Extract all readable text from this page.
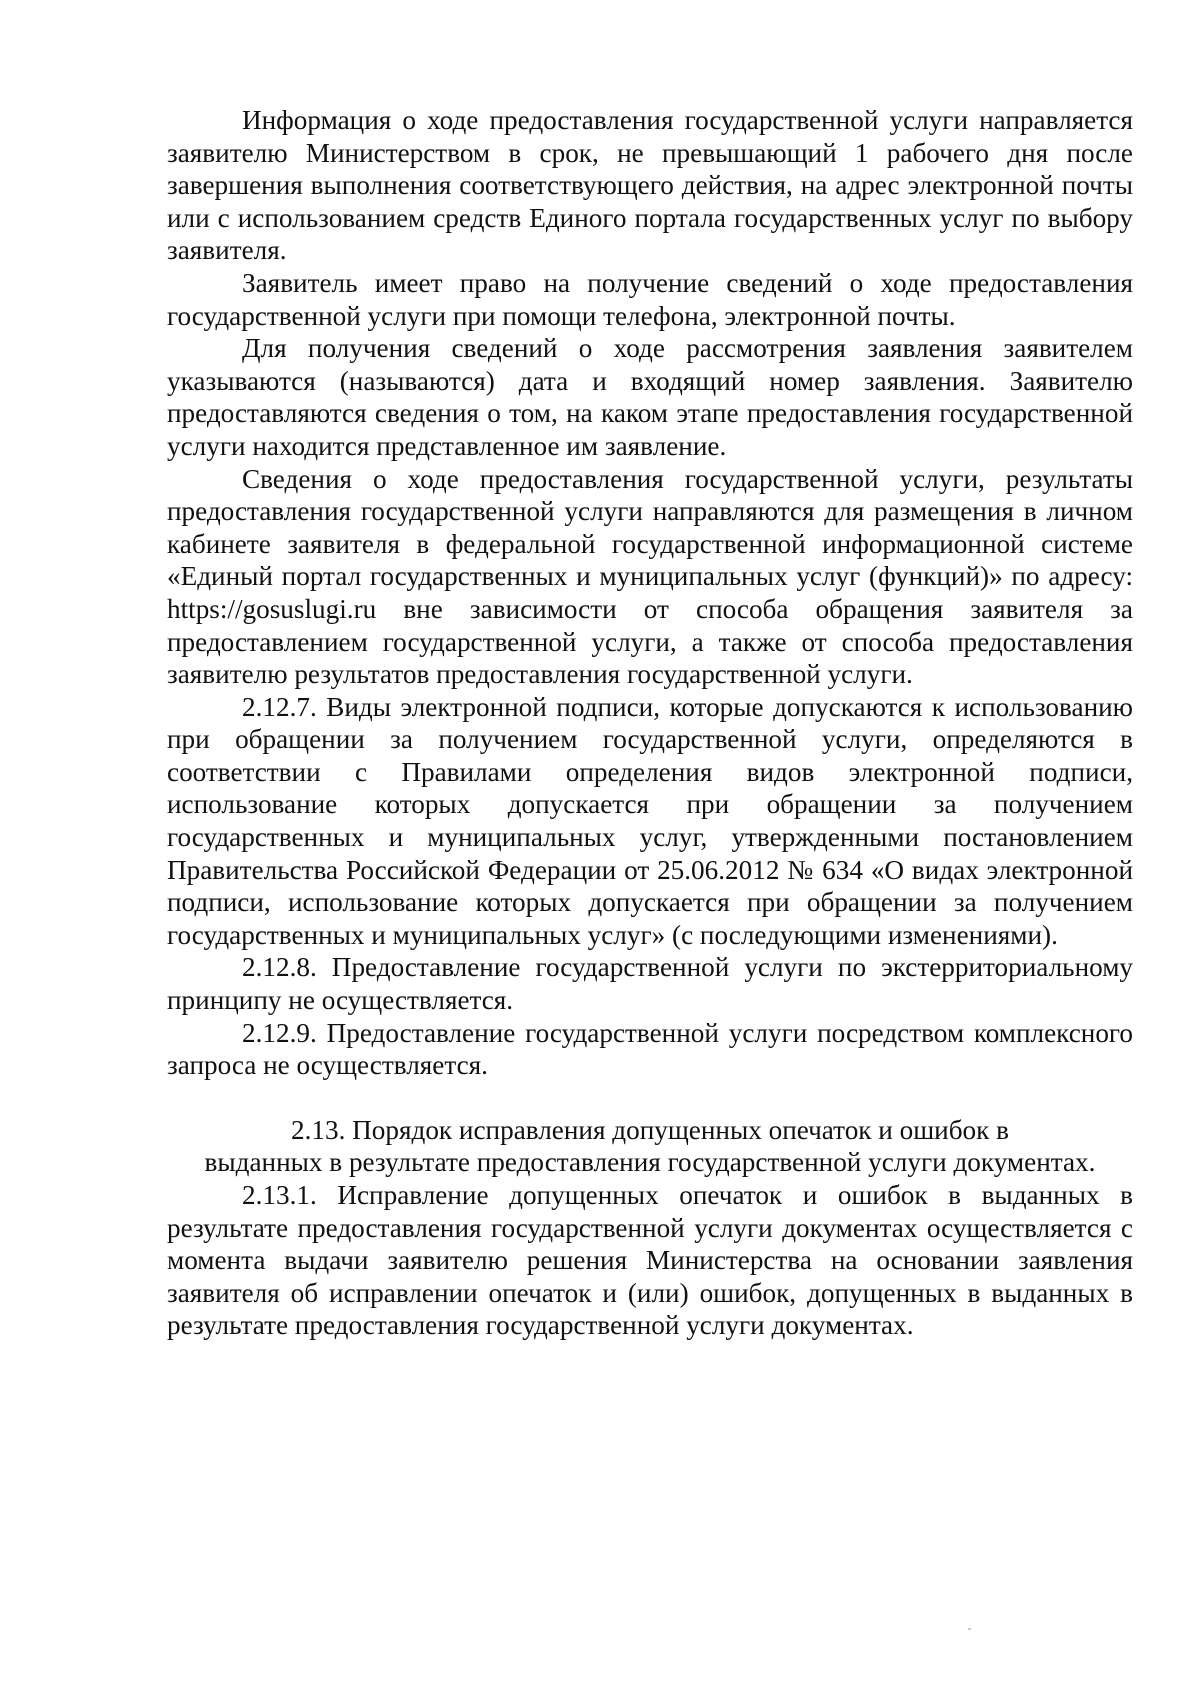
Информация о ходе предоставления государственной услуги направляется заявителю Министерством в срок, не превышающий 1 рабочего дня после завершения выполнения соответствующего действия, на адрес электронной почты или с использованием средств Единого портала государственных услуг по выбору заявителя.

Заявитель имеет право на получение сведений о ходе предоставления государственной услуги при помощи телефона, электронной почты.

Для получения сведений о ходе рассмотрения заявления заявителем указываются (называются) дата и входящий номер заявления. Заявителю предоставляются сведения о том, на каком этапе предоставления государственной услуги находится представленное им заявление.

Сведения о ходе предоставления государственной услуги, результаты предоставления государственной услуги направляются для размещения в личном кабинете заявителя в федеральной государственной информационной системе «Единый портал государственных и муниципальных услуг (функций)» по адресу: https://gosuslugi.ru вне зависимости от способа обращения заявителя за предоставлением государственной услуги, а также от способа предоставления заявителю результатов предоставления государственной услуги.

2.12.7. Виды электронной подписи, которые допускаются к использованию при обращении за получением государственной услуги, определяются в соответствии с Правилами определения видов электронной подписи, использование которых допускается при обращении за получением государственных и муниципальных услуг, утвержденными постановлением Правительства Российской Федерации от 25.06.2012 № 634 «О видах электронной подписи, использование которых допускается при обращении за получением государственных и муниципальных услуг» (с последующими изменениями).

2.12.8. Предоставление государственной услуги по экстерриториальному принципу не осуществляется.

2.12.9. Предоставление государственной услуги посредством комплексного запроса не осуществляется.

2.13. Порядок исправления допущенных опечаток и ошибок в

выданных в результате предоставления государственной услуги документах.

2.13.1. Исправление допущенных опечаток и ошибок в выданных в результате предоставления государственной услуги документах осуществляется с момента выдачи заявителю решения Министерства на основании заявления заявителя об исправлении опечаток и (или) ошибок, допущенных в выданных в результате предоставления государственной услуги документах.
